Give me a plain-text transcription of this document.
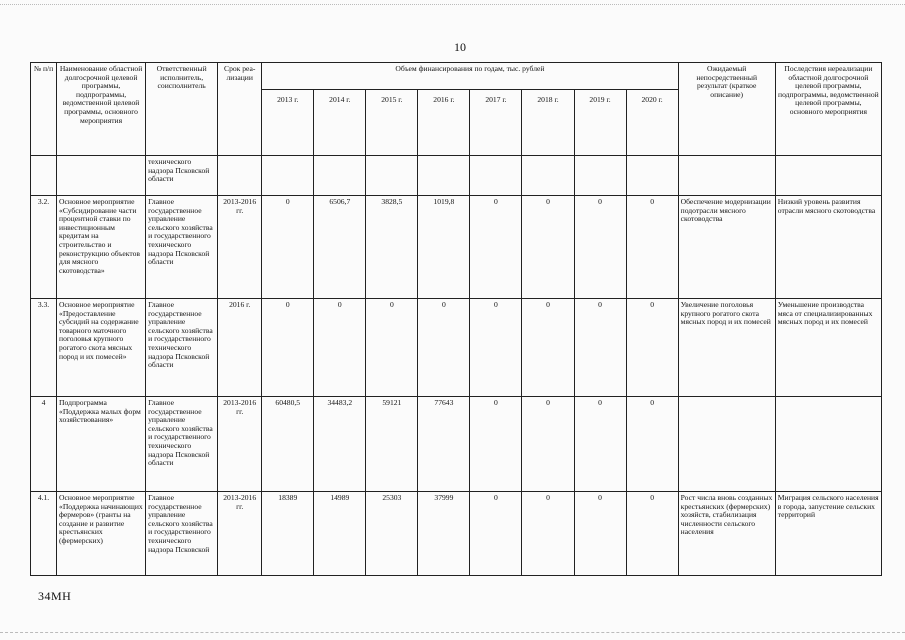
10
№ п/п	Наименование областной долгосрочной целевой программы, подпрограммы, ведомственной целевой программы, основного мероприятия	Ответственный исполнитель, соисполнитель	Срок реа- лизации	Объем финансирования по годам, тыс. рублей								Ожидаемый непосредственный результат (краткое описание)	Последствия нереализации областной долгосрочной целевой программы, подпрограммы, ведомственной целевой программы, основного мероприятия
				2013 г.	2014 г.	2015 г.	2016 г.	2017 г.	2018 г.	2019 г.	2020 г.		
		технического надзора Псковской области											
3.2.	Основное мероприятие «Субсидирование части процентной ставки по инвестиционным кредитам на строительство и реконструкцию объектов для мясного скотоводства»	Главное государственное управление сельского хозяйства и государственного технического надзора Псковской области	2013-2016 гг.	0	6506,7	3828,5	1019,8	0	0	0	0	Обеспечение модернизации подотрасли мясного скотоводства	Низкий уровень развития отрасли мясного скотоводства
3.3.	Основное мероприятие «Предоставление субсидий на содержание товарного маточного поголовья крупного рогатого скота мясных пород и их помесей»	Главное государственное управление сельского хозяйства и государственного технического надзора Псковской области	2016 г.	0	0	0	0	0	0	0	0	Увеличение поголовья крупного рогатого скота мясных пород и их помесей	Уменьшение производства мяса от специализированных мясных пород и их помесей
4	Подпрограмма «Поддержка малых форм хозяйствования»	Главное государственное управление сельского хозяйства и государственного технического надзора Псковской области	2013-2016 гг.	60480,5	34483,2	59121	77643	0	0	0	0		
4.1.	Основное мероприятие «Поддержка начинающих фермеров» (гранты на создание и развитие крестьянских (фермерских)	Главное государственное управление сельского хозяйства и государственного технического надзора Псковской	2013-2016 гг.	18389	14989	25303	37999	0	0	0	0	Рост числа вновь созданных крестьянских (фермерских) хозяйств, стабилизация численности сельского населения	Миграция сельского населения в города, запустение сельских территорий
34МН
